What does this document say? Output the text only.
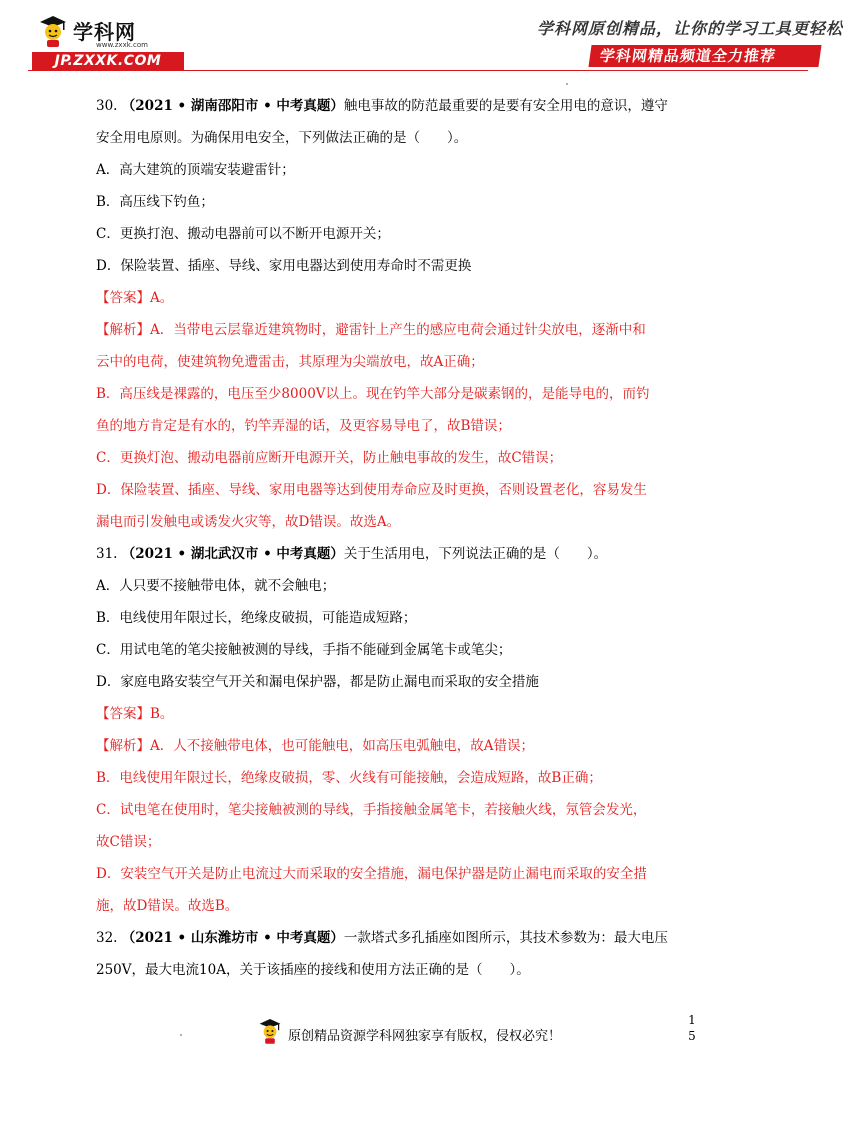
学科网
www.zxxk.com
JP.ZXXK.COM
学科网原创精品，让你的学习工具更轻松
学科网精品频道全力推荐

30. （2021 • 湖南邵阳市 • 中考真题）触电事故的防范最重要的是要有安全用电的意识，遵守

安全用电原则。为确保用电安全，下列做法正确的是（　　）。

A．高大建筑的顶端安装避雷针；

B．高压线下钓鱼；

C．更换打泡、搬动电器前可以不断开电源开关；

D．保险装置、插座、导线、家用电器达到使用寿命时不需更换

【答案】A。

【解析】A．当带电云层靠近建筑物时，避雷针上产生的感应电荷会通过针尖放电，逐渐中和

云中的电荷，使建筑物免遭雷击，其原理为尖端放电，故A正确；

B．高压线是裸露的，电压至少8000V以上。现在钓竿大部分是碳素钢的，是能导电的，而钓

鱼的地方肯定是有水的，钓竿弄湿的话，及更容易导电了，故B错误；

C．更换灯泡、搬动电器前应断开电源开关，防止触电事故的发生，故C错误；

D．保险装置、插座、导线、家用电器等达到使用寿命应及时更换，否则设置老化，容易发生

漏电而引发触电或诱发火灾等，故D错误。故选A。

31. （2021 • 湖北武汉市 • 中考真题）关于生活用电，下列说法正确的是（　　）。

A．人只要不接触带电体，就不会触电；

B．电线使用年限过长，绝缘皮破损，可能造成短路；

C．用试电笔的笔尖接触被测的导线，手指不能碰到金属笔卡或笔尖；

D．家庭电路安装空气开关和漏电保护器，都是防止漏电而采取的安全措施

【答案】B。

【解析】A．人不接触带电体，也可能触电，如高压电弧触电，故A错误；

B．电线使用年限过长，绝缘皮破损，零、火线有可能接触，会造成短路，故B正确；

C．试电笔在使用时，笔尖接触被测的导线，手指接触金属笔卡，若接触火线，氖管会发光，

故C错误；

D．安装空气开关是防止电流过大而采取的安全措施，漏电保护器是防止漏电而采取的安全措

施，故D错误。故选B。

32. （2021 • 山东潍坊市 • 中考真题）一款塔式多孔插座如图所示，其技术参数为：最大电压

250V，最大电流10A，关于该插座的接线和使用方法正确的是（　　）。

原创精品资源学科网独家享有版权，侵权必究！
1
5
